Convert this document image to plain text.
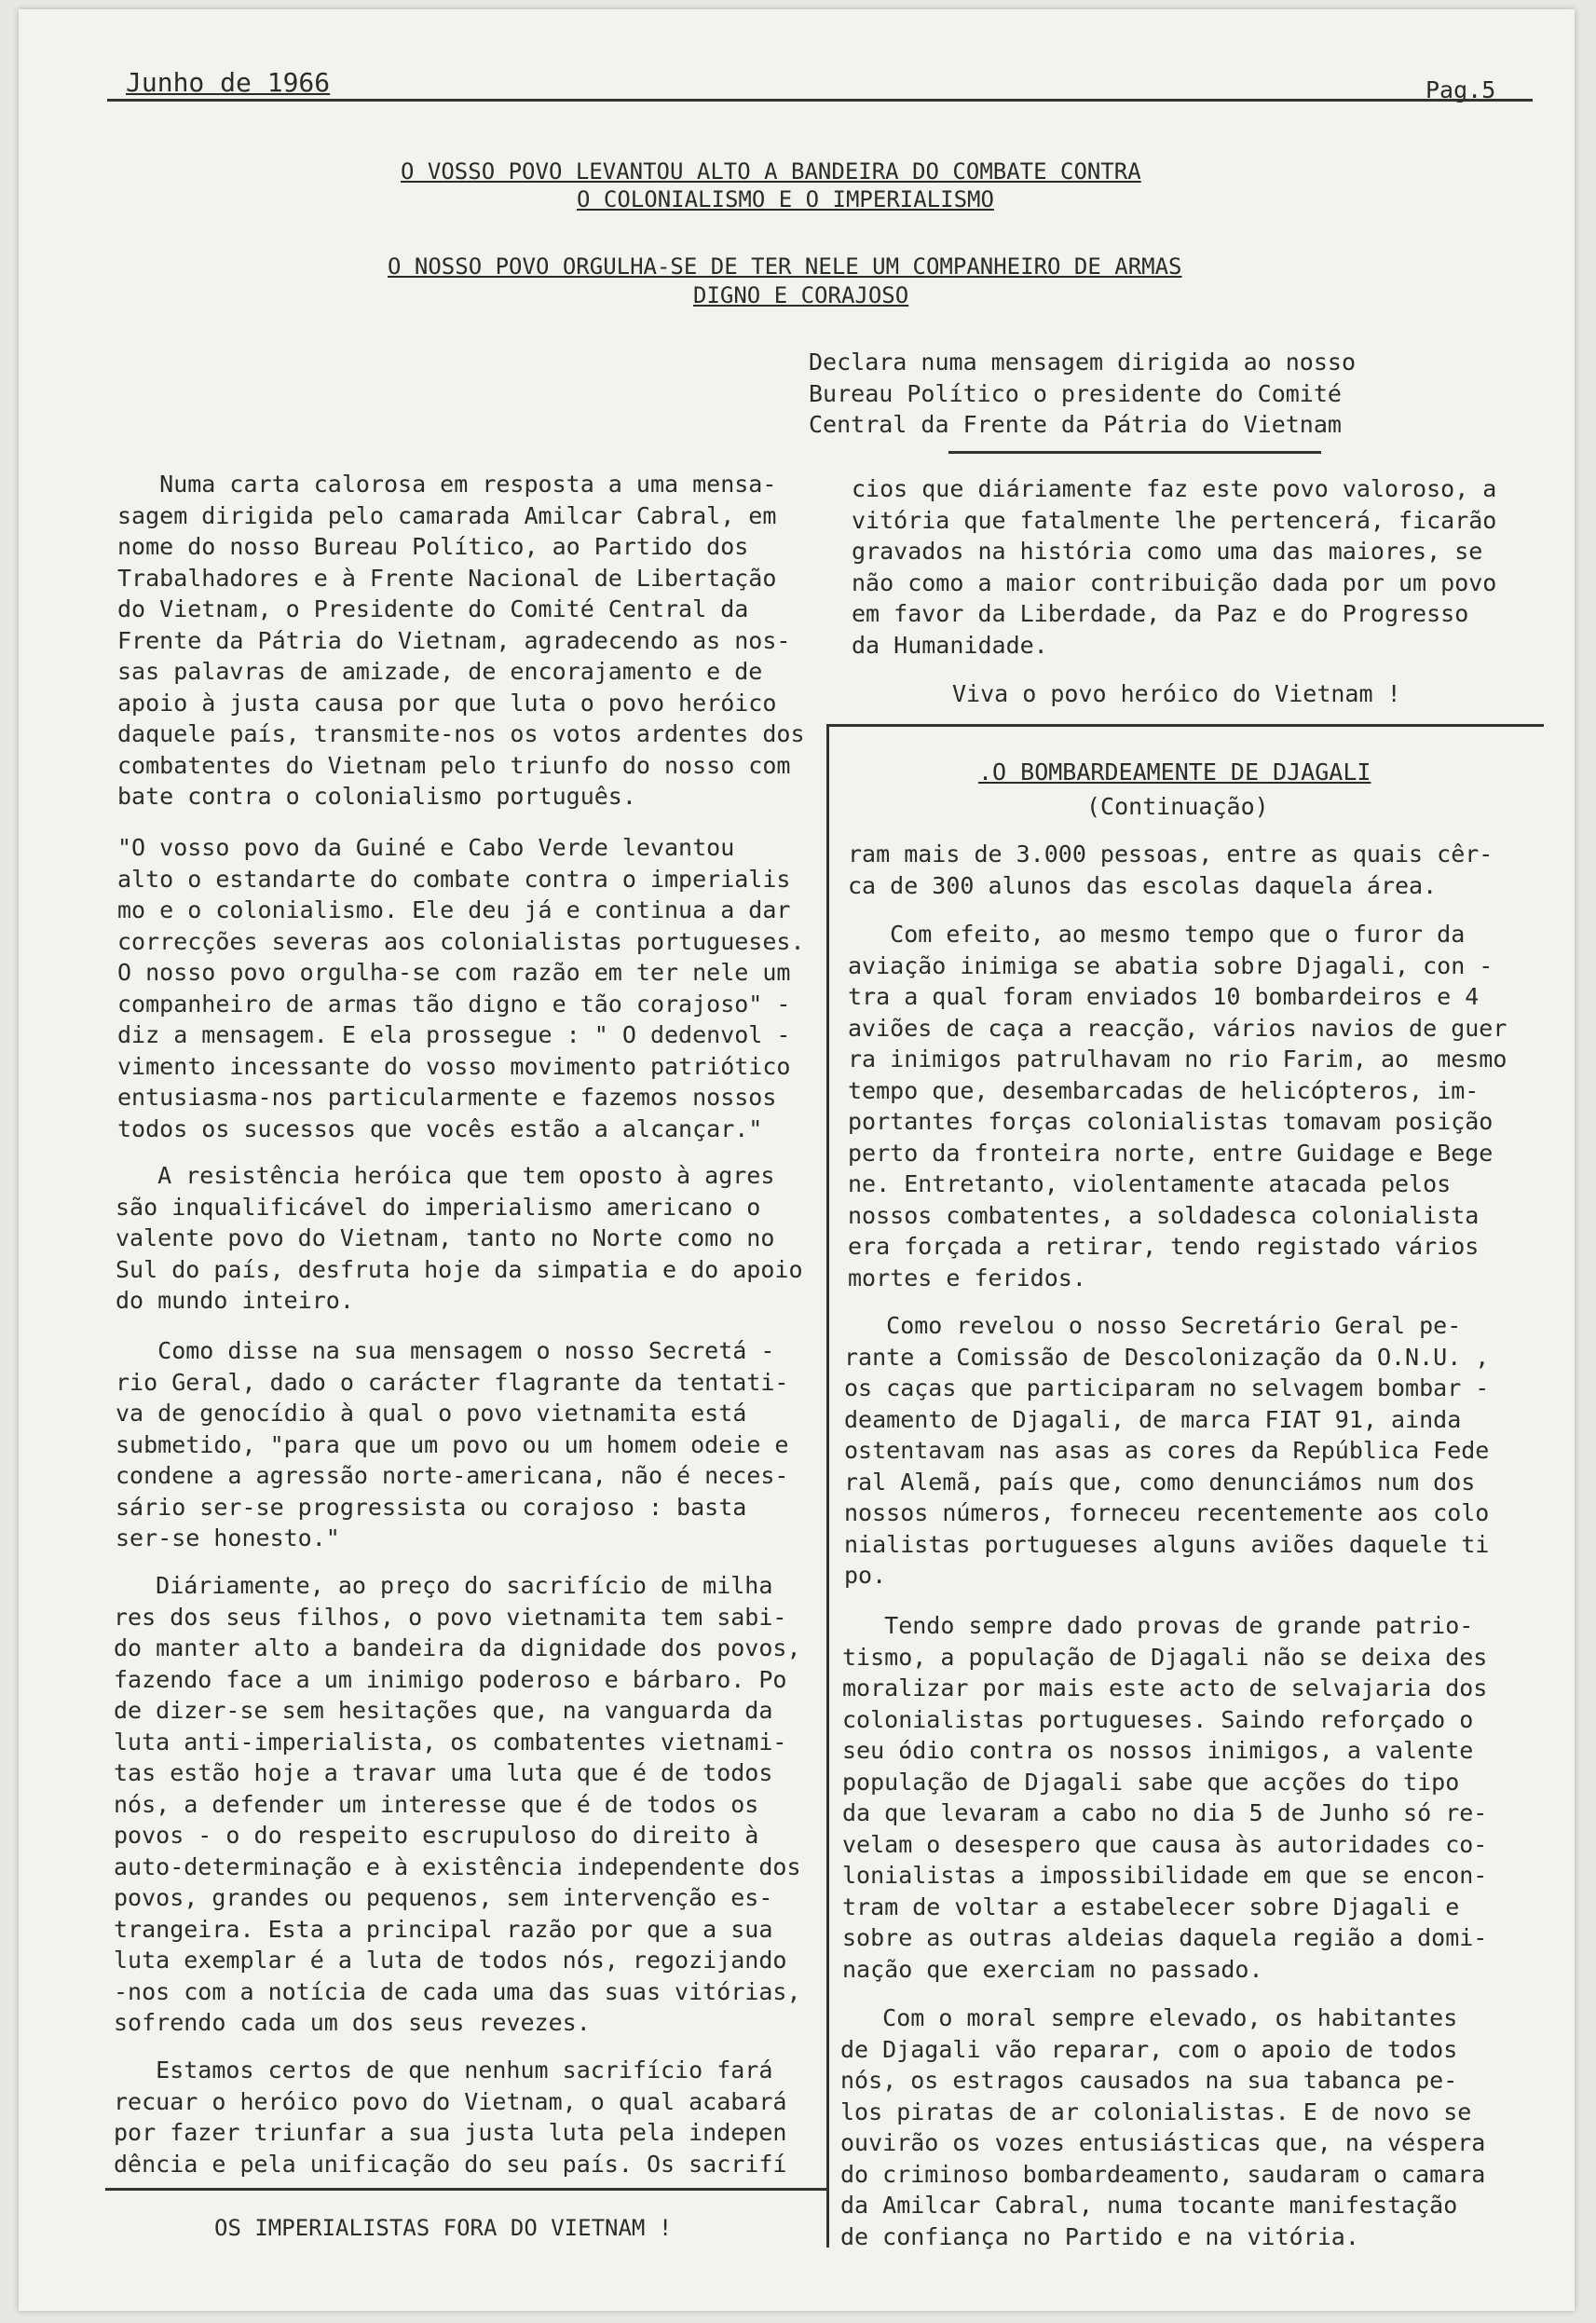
Junho de 1966	Pag.5
O VOSSO POVO LEVANTOU ALTO A BANDEIRA DO COMBATE CONTRA
O COLONIALISMO E O IMPERIALISMO
O NOSSO POVO ORGULHA-SE DE TER NELE UM COMPANHEIRO DE ARMAS
DIGNO E CORAJOSO
Declara numa mensagem dirigida ao nosso
Bureau Político o presidente do Comité
Central da Frente da Pátria do Vietnam
Numa carta calorosa em resposta a uma mensa-
sagem dirigida pelo camarada Amilcar Cabral, em
nome do nosso Bureau Político, ao Partido dos
Trabalhadores e à Frente Nacional de Libertação
do Vietnam, o Presidente do Comité Central da
Frente da Pátria do Vietnam, agradecendo as nos-
sas palavras de amizade, de encorajamento e de
apoio à justa causa por que luta o povo heróico
daquele país, transmite-nos os votos ardentes dos
combatentes do Vietnam pelo triunfo do nosso com
bate contra o colonialismo português.
"O vosso povo da Guiné e Cabo Verde levantou
alto o estandarte do combate contra o imperialis
mo e o colonialismo. Ele deu já e continua a dar
correcções severas aos colonialistas portugueses.
O nosso povo orgulha-se com razão em ter nele um
companheiro de armas tão digno e tão corajoso" -
diz a mensagem. E ela prossegue : " O dedenvol -
vimento incessante do vosso movimento patriótico
entusiasma-nos particularmente e fazemos nossos
todos os sucessos que vocês estão a alcançar."
A resistência heróica que tem oposto à agres
são inqualificável do imperialismo americano o
valente povo do Vietnam, tanto no Norte como no
Sul do país, desfruta hoje da simpatia e do apoio
do mundo inteiro.
Como disse na sua mensagem o nosso Secretá -
rio Geral, dado o carácter flagrante da tentati-
va de genocídio à qual o povo vietnamita está
submetido, "para que um povo ou um homem odeie e
condene a agressão norte-americana, não é neces-
sário ser-se progressista ou corajoso : basta
ser-se honesto."
Diáriamente, ao preço do sacrifício de milha
res dos seus filhos, o povo vietnamita tem sabi-
do manter alto a bandeira da dignidade dos povos,
fazendo face a um inimigo poderoso e bárbaro. Po
de dizer-se sem hesitações que, na vanguarda da
luta anti-imperialista, os combatentes vietnami-
tas estão hoje a travar uma luta que é de todos
nós, a defender um interesse que é de todos os
povos - o do respeito escrupuloso do direito à
auto-determinação e à existência independente dos
povos, grandes ou pequenos, sem intervenção es-
trangeira. Esta a principal razão por que a sua
luta exemplar é a luta de todos nós, regozijando
-nos com a notícia de cada uma das suas vitórias,
sofrendo cada um dos seus revezes.
Estamos certos de que nenhum sacrifício fará
recuar o heróico povo do Vietnam, o qual acabará
por fazer triunfar a sua justa luta pela indepen
dência e pela unificação do seu país. Os sacrifí
OS IMPERIALISTAS FORA DO VIETNAM !
cios que diáriamente faz este povo valoroso, a
vitória que fatalmente lhe pertencerá, ficarão
gravados na história como uma das maiores, se
não como a maior contribuição dada por um povo
em favor da Liberdade, da Paz e do Progresso
da Humanidade.
Viva o povo heróico do Vietnam !
.O BOMBARDEAMENTE DE DJAGALI
(Continuação)
ram mais de 3.000 pessoas, entre as quais cêr-
ca de 300 alunos das escolas daquela área.
Com efeito, ao mesmo tempo que o furor da
aviação inimiga se abatia sobre Djagali, con -
tra a qual foram enviados 10 bombardeiros e 4
aviões de caça a reacção, vários navios de guer
ra inimigos patrulhavam no rio Farim, ao  mesmo
tempo que, desembarcadas de helicópteros, im-
portantes forças colonialistas tomavam posição
perto da fronteira norte, entre Guidage e Bege
ne. Entretanto, violentamente atacada pelos
nossos combatentes, a soldadesca colonialista
era forçada a retirar, tendo registado vários
mortes e feridos.
Como revelou o nosso Secretário Geral pe-
rante a Comissão de Descolonização da O.N.U. ,
os caças que participaram no selvagem bombar -
deamento de Djagali, de marca FIAT 91, ainda
ostentavam nas asas as cores da República Fede
ral Alemã, país que, como denunciámos num dos
nossos números, forneceu recentemente aos colo
nialistas portugueses alguns aviões daquele ti
po.
Tendo sempre dado provas de grande patrio-
tismo, a população de Djagali não se deixa des
moralizar por mais este acto de selvajaria dos
colonialistas portugueses. Saindo reforçado o
seu ódio contra os nossos inimigos, a valente
população de Djagali sabe que acções do tipo
da que levaram a cabo no dia 5 de Junho só re-
velam o desespero que causa às autoridades co-
lonialistas a impossibilidade em que se encon-
tram de voltar a estabelecer sobre Djagali e
sobre as outras aldeias daquela região a domi-
nação que exerciam no passado.
Com o moral sempre elevado, os habitantes
de Djagali vão reparar, com o apoio de todos
nós, os estragos causados na sua tabanca pe-
los piratas de ar colonialistas. E de novo se
ouvirão os vozes entusiásticas que, na véspera
do criminoso bombardeamento, saudaram o camara
da Amilcar Cabral, numa tocante manifestação
de confiança no Partido e na vitória.
